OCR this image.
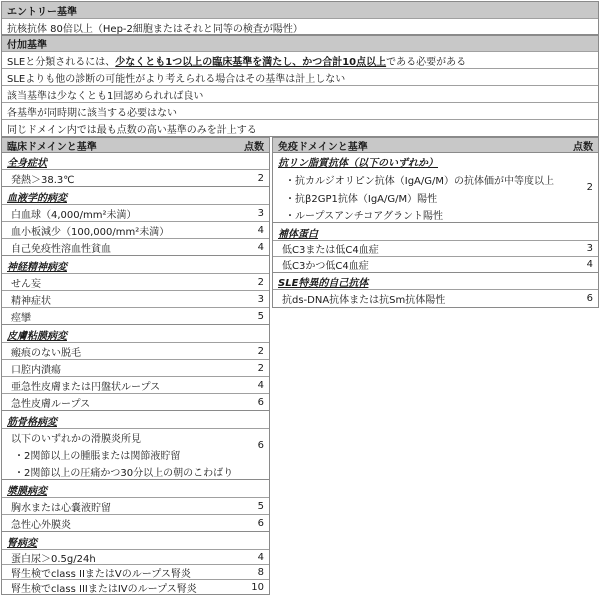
エントリー基準
抗核抗体 80倍以上（Hep-2細胞またはそれと同等の検査が陽性）
付加基準
SLEと分類されるには、 少なくとも1つ以上の臨床基準を満たし、かつ合計10点以上 である必要がある
SLEよりも他の診断の可能性がより考えられる場合はその基準は計上しない
該当基準は少なくとも1回認められれば良い
各基準が同時期に該当する必要はない
同じドメイン内では最も点数の高い基準のみを計上する
臨床ドメインと基準	点数
全身症状
発熱＞38.3℃	2
血液学的病変
白血球（4,000/mm²未満）	3
血小板減少（100,000/mm²未満）	4
自己免疫性溶血性貧血	4
神経精神病変
せん妄	2
精神症状	3
痙攣	5
皮膚粘膜病変
瘢痕のない脱毛	2
口腔内潰瘍	2
亜急性皮膚または円盤状ループス	4
急性皮膚ループス	6
筋骨格病変
以下のいずれかの滑膜炎所見
・2関節以上の腫脹または関節液貯留
・2関節以上の圧痛かつ30分以上の朝のこわばり
6
漿膜病変
胸水または心嚢液貯留	5
急性心外膜炎	6
腎病変
蛋白尿＞0.5g/24h	4
腎生検でclass IIまたはVのループス腎炎	8
腎生検でclass IIIまたはIVのループス腎炎	10
免疫ドメインと基準	点数
抗リン脂質抗体（以下のいずれか）
・抗カルジオリピン抗体（IgA/G/M）の抗体価が中等度以上
・抗β2GP1抗体（IgA/G/M）陽性
・ループスアンチコアグラント陽性
2
補体蛋白
低C3または低C4血症	3
低C3かつ低C4血症	4
SLE特異的自己抗体
抗ds-DNA抗体または抗Sm抗体陽性	6
